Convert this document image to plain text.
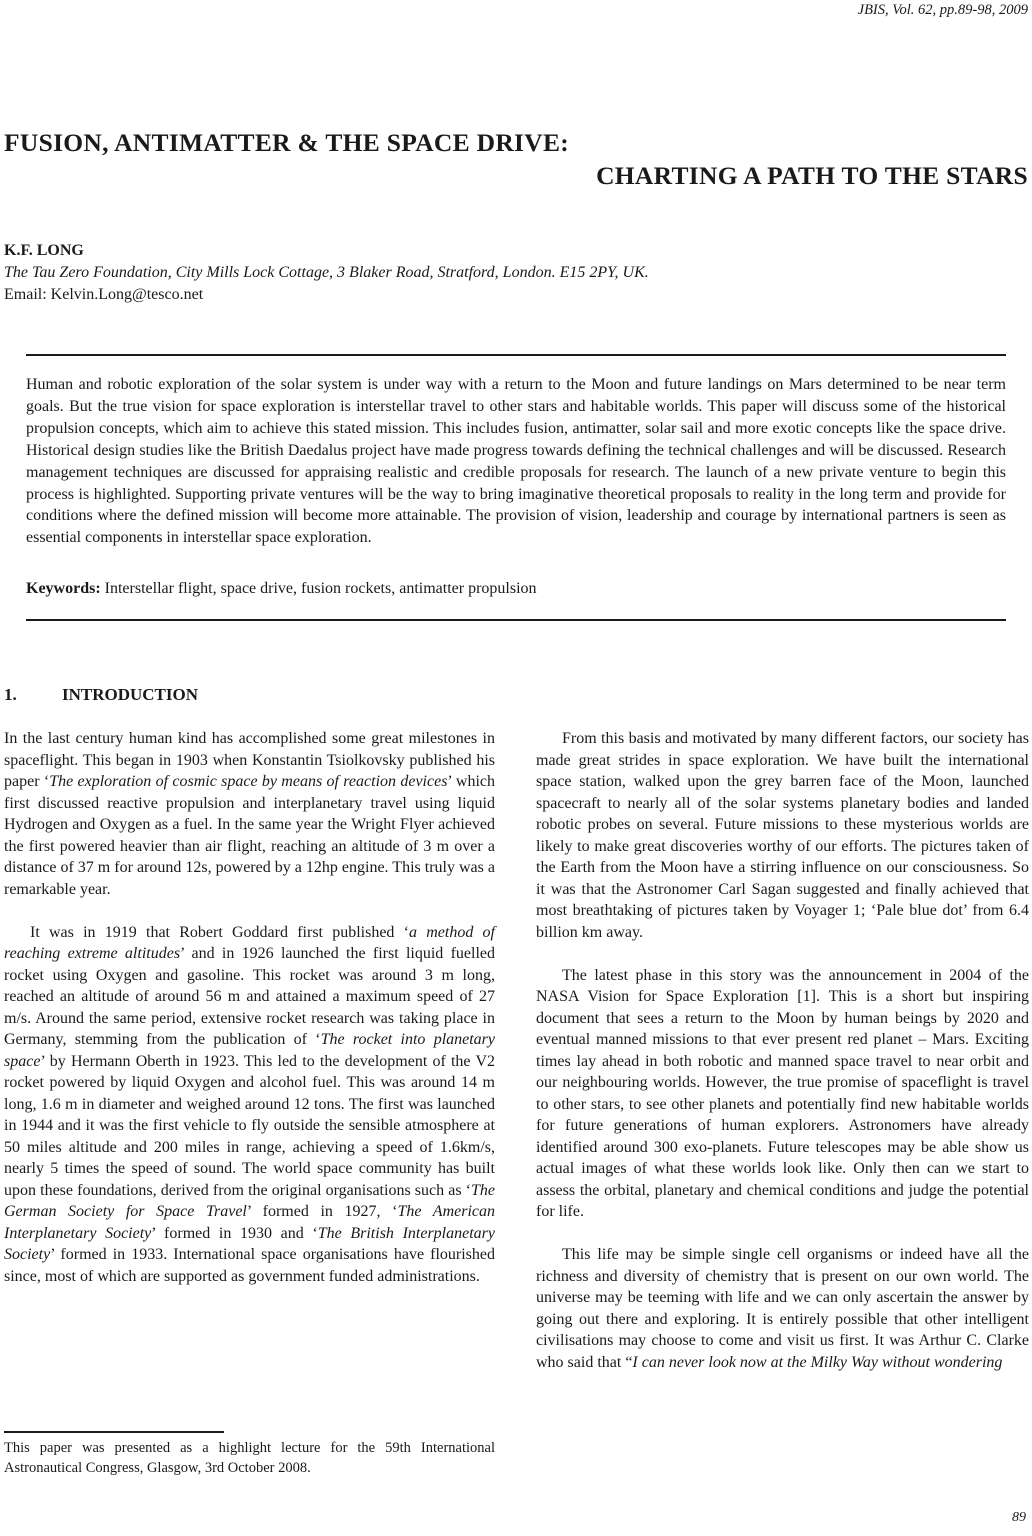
JBIS, Vol. 62, pp.89-98, 2009
FUSION, ANTIMATTER & THE SPACE DRIVE:
CHARTING A PATH TO THE STARS
K.F. LONG
The Tau Zero Foundation, City Mills Lock Cottage, 3 Blaker Road, Stratford, London. E15 2PY, UK.
Email: Kelvin.Long@tesco.net
Human and robotic exploration of the solar system is under way with a return to the Moon and future landings on Mars determined to be near term goals. But the true vision for space exploration is interstellar travel to other stars and habitable worlds. This paper will discuss some of the historical propulsion concepts, which aim to achieve this stated mission. This includes fusion, antimatter, solar sail and more exotic concepts like the space drive. Historical design studies like the British Daedalus project have made progress towards defining the technical challenges and will be discussed. Research management techniques are discussed for appraising realistic and credible proposals for research. The launch of a new private venture to begin this process is highlighted. Supporting private ventures will be the way to bring imaginative theoretical proposals to reality in the long term and provide for conditions where the defined mission will become more attainable. The provision of vision, leadership and courage by international partners is seen as essential components in interstellar space exploration.
Keywords: Interstellar flight, space drive, fusion rockets, antimatter propulsion
1.	INTRODUCTION

In the last century human kind has accomplished some great milestones in spaceflight. This began in 1903 when Konstantin Tsiolkovsky published his paper ‘The exploration of cosmic space by means of reaction devices’ which first discussed reactive propulsion and interplanetary travel using liquid Hydrogen and Oxygen as a fuel. In the same year the Wright Flyer achieved the first powered heavier than air flight, reaching an altitude of 3 m over a distance of 37 m for around 12s, powered by a 12hp engine. This truly was a remarkable year.

It was in 1919 that Robert Goddard first published ‘a method of reaching extreme altitudes’ and in 1926 launched the first liquid fuelled rocket using Oxygen and gasoline. This rocket was around 3 m long, reached an altitude of around 56 m and attained a maximum speed of 27 m/s. Around the same period, extensive rocket research was taking place in Germany, stemming from the publication of ‘The rocket into planetary space’ by Hermann Oberth in 1923. This led to the development of the V2 rocket powered by liquid Oxygen and alcohol fuel. This was around 14 m long, 1.6 m in diameter and weighed around 12 tons. The first was launched in 1944 and it was the first vehicle to fly outside the sensible atmosphere at 50 miles altitude and 200 miles in range, achieving a speed of 1.6km/s, nearly 5 times the speed of sound. The world space community has built upon these foundations, derived from the original organisations such as ‘The German Society for Space Travel’ formed in 1927, ‘The American Interplanetary Society’ formed in 1930 and ‘The British Interplanetary Society’ formed in 1933. International space organisations have flourished since, most of which are supported as government funded administrations.

From this basis and motivated by many different factors, our society has made great strides in space exploration. We have built the international space station, walked upon the grey barren face of the Moon, launched spacecraft to nearly all of the solar systems planetary bodies and landed robotic probes on several. Future missions to these mysterious worlds are likely to make great discoveries worthy of our efforts. The pictures taken of the Earth from the Moon have a stirring influence on our consciousness. So it was that the Astronomer Carl Sagan suggested and finally achieved that most breathtaking of pictures taken by Voyager 1; ‘Pale blue dot’ from 6.4 billion km away.

The latest phase in this story was the announcement in 2004 of the NASA Vision for Space Exploration [1]. This is a short but inspiring document that sees a return to the Moon by human beings by 2020 and eventual manned missions to that ever present red planet – Mars. Exciting times lay ahead in both robotic and manned space travel to near orbit and our neighbouring worlds. However, the true promise of spaceflight is travel to other stars, to see other planets and potentially find new habitable worlds for future generations of human explorers. Astronomers have already identified around 300 exo-planets. Future telescopes may be able show us actual images of what these worlds look like. Only then can we start to assess the orbital, planetary and chemical conditions and judge the potential for life.

This life may be simple single cell organisms or indeed have all the richness and diversity of chemistry that is present on our own world. The universe may be teeming with life and we can only ascertain the answer by going out there and exploring. It is entirely possible that other intelligent civilisations may choose to come and visit us first. It was Arthur C. Clarke who said that “I can never look now at the Milky Way without wondering

This paper was presented as a highlight lecture for the 59th International Astronautical Congress, Glasgow, 3rd October 2008.
89
